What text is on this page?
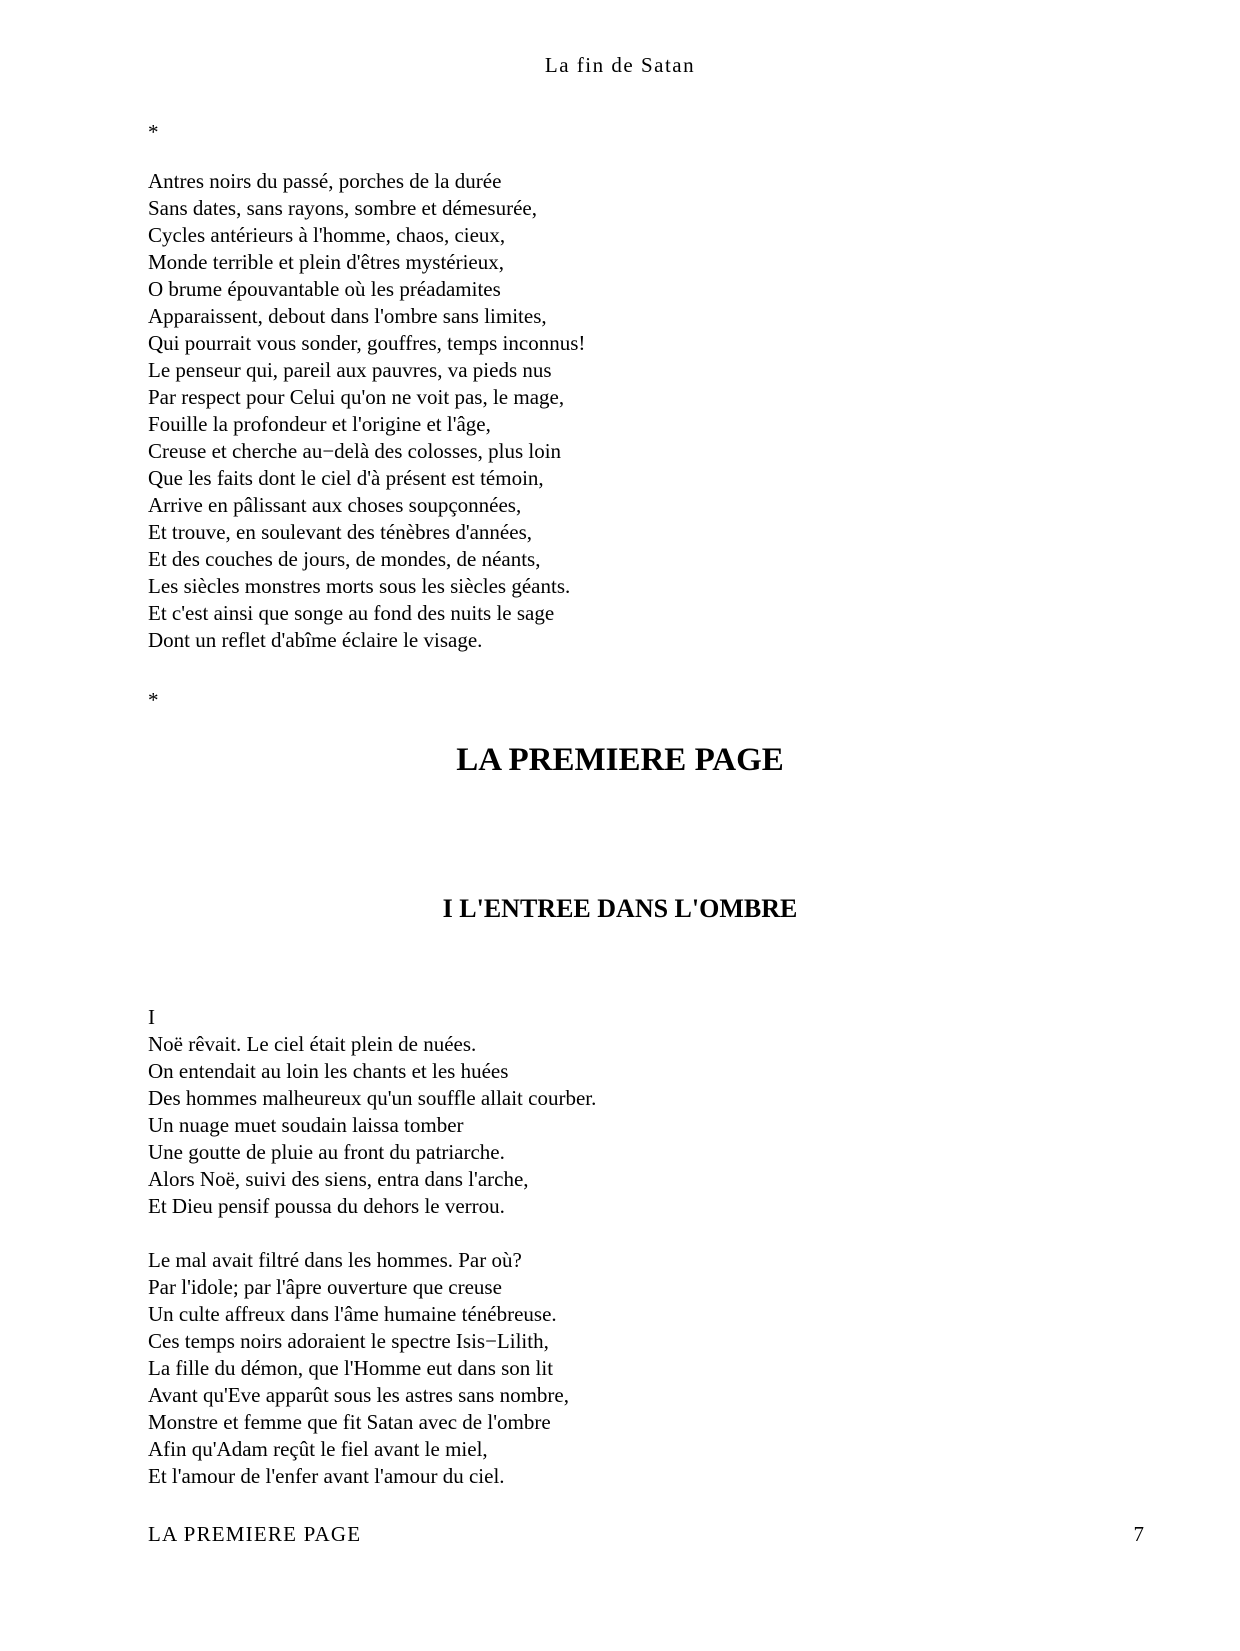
La fin de Satan
*
Antres noirs du passé, porches de la durée
Sans dates, sans rayons, sombre et démesurée,
Cycles antérieurs à l'homme, chaos, cieux,
Monde terrible et plein d'êtres mystérieux,
O brume épouvantable où les préadamites
Apparaissent, debout dans l'ombre sans limites,
Qui pourrait vous sonder, gouffres, temps inconnus!
Le penseur qui, pareil aux pauvres, va pieds nus
Par respect pour Celui qu'on ne voit pas, le mage,
Fouille la profondeur et l'origine et l'âge,
Creuse et cherche au−delà des colosses, plus loin
Que les faits dont le ciel d'à présent est témoin,
Arrive en pâlissant aux choses soupçonnées,
Et trouve, en soulevant des ténèbres d'années,
Et des couches de jours, de mondes, de néants,
Les siècles monstres morts sous les siècles géants.
Et c'est ainsi que songe au fond des nuits le sage
Dont un reflet d'abîme éclaire le visage.
*
LA PREMIERE PAGE
I L'ENTREE DANS L'OMBRE
I
Noë rêvait. Le ciel était plein de nuées.
On entendait au loin les chants et les huées
Des hommes malheureux qu'un souffle allait courber.
Un nuage muet soudain laissa tomber
Une goutte de pluie au front du patriarche.
Alors Noë, suivi des siens, entra dans l'arche,
Et Dieu pensif poussa du dehors le verrou.
Le mal avait filtré dans les hommes. Par où?
Par l'idole; par l'âpre ouverture que creuse
Un culte affreux dans l'âme humaine ténébreuse.
Ces temps noirs adoraient le spectre Isis−Lilith,
La fille du démon, que l'Homme eut dans son lit
Avant qu'Eve apparût sous les astres sans nombre,
Monstre et femme que fit Satan avec de l'ombre
Afin qu'Adam reçût le fiel avant le miel,
Et l'amour de l'enfer avant l'amour du ciel.
LA PREMIERE PAGE	7
